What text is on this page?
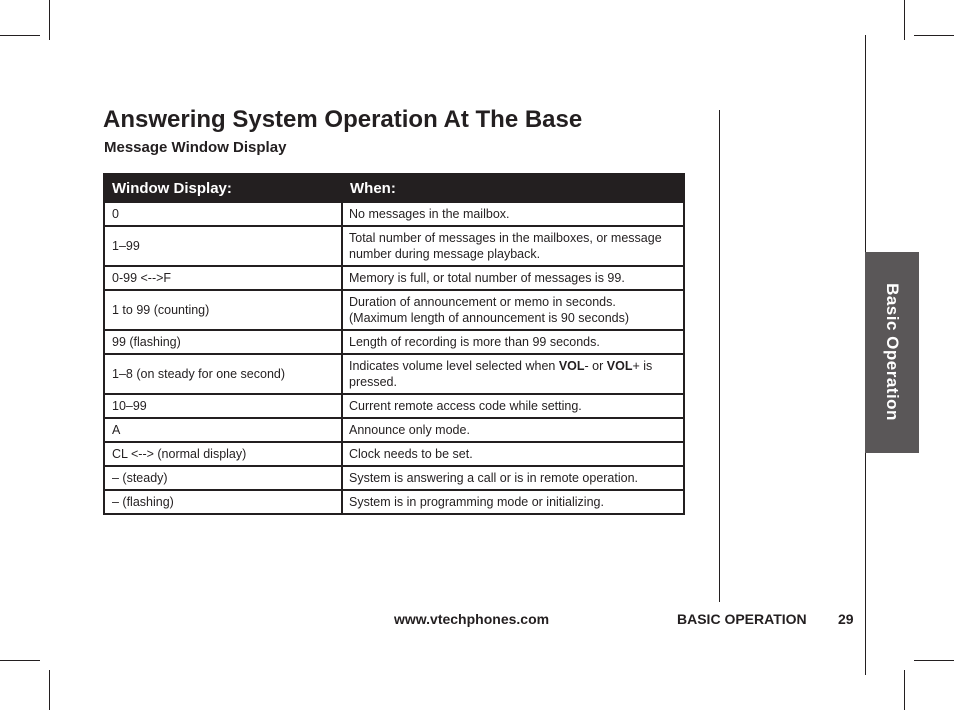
Answering System Operation At The Base
Message Window Display
Window Display:	When:
0	No messages in the mailbox.
1–99	Total number of messages in the mailboxes, or message number during message playback.
0-99 <-->F	Memory is full, or total number of messages is 99.
1 to 99 (counting)	Duration of announcement or memo in seconds. (Maximum length of announcement is 90 seconds)
99 (flashing)	Length of recording is more than 99 seconds.
1–8 (on steady for one second)	Indicates volume level selected when VOL- or VOL+ is pressed.
10–99	Current remote access code while setting.
A	Announce only mode.
CL <--> (normal display)	Clock needs to be set.
– (steady)	System is answering a call or is in remote operation.
– (flashing)	System is in programming mode or initializing.
Basic Operation

www.vtechphones.com	BASIC OPERATION 29
